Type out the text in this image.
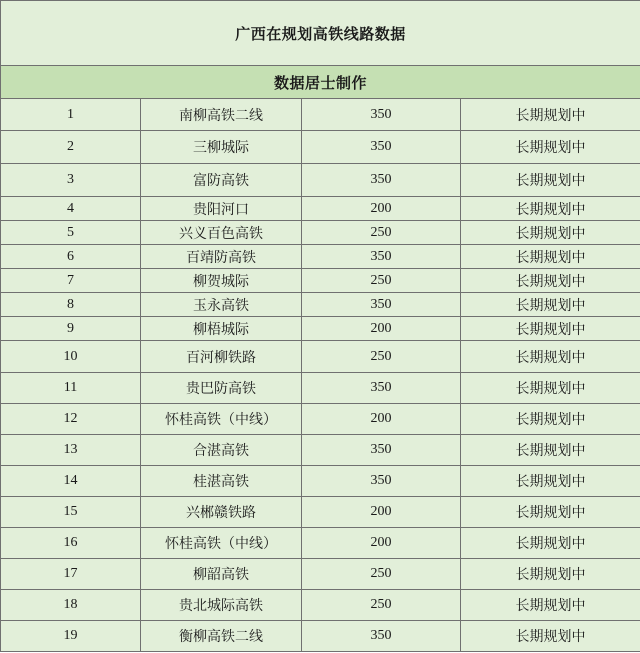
广西在规划高铁线路数据			
数据居士制作			
1	南柳高铁二线	350	长期规划中
2	三柳城际	350	长期规划中
3	富防高铁	350	长期规划中
4	贵阳河口	200	长期规划中
5	兴义百色高铁	250	长期规划中
6	百靖防高铁	350	长期规划中
7	柳贺城际	250	长期规划中
8	玉永高铁	350	长期规划中
9	柳梧城际	200	长期规划中
10	百河柳铁路	250	长期规划中
11	贵巴防高铁	350	长期规划中
12	怀桂高铁（中线）	200	长期规划中
13	合湛高铁	350	长期规划中
14	桂湛高铁	350	长期规划中
15	兴郴赣铁路	200	长期规划中
16	怀桂高铁（中线）	200	长期规划中
17	柳韶高铁	250	长期规划中
18	贵北城际高铁	250	长期规划中
19	衡柳高铁二线	350	长期规划中
